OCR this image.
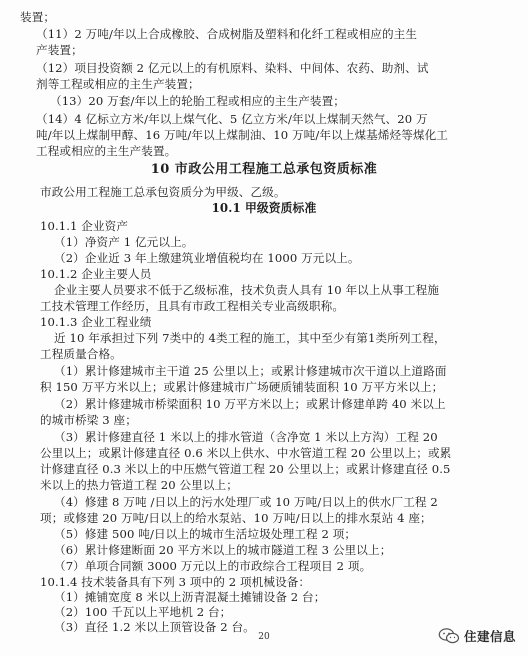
装置；
（11）2 万吨/年以上合成橡胶、合成树脂及塑料和化纤工程或相应的主生
产装置；
（12）项目投资额 2 亿元以上的有机原料、染料、中间体、农药、助剂、试
剂等工程或相应的主生产装置；
（13）20 万套/年以上的轮胎工程或相应的主生产装置；
（14）4 亿标立方米/年以上煤气化、5 亿立方米/年以上煤制天然气、20 万
吨/年以上煤制甲醇、16 万吨/年以上煤制油、10 万吨/年以上煤基烯烃等煤化工
工程或相应的主生产装置。
10 市政公用工程施工总承包资质标准
市政公用工程施工总承包资质分为甲级、乙级。
10.1 甲级资质标准
10.1.1 企业资产
（1）净资产 1 亿元以上。
（2）企业近 3 年上缴建筑业增值税均在 1000 万元以上。
10.1.2 企业主要人员
企业主要人员要求不低于乙级标准，技术负责人具有 10 年以上从事工程施
工技术管理工作经历，且具有市政工程相关专业高级职称。
10.1.3 企业工程业绩
近 10 年承担过下列 7类中的 4类工程的施工，其中至少有第1类所列工程，
工程质量合格。
（1）累计修建城市主干道 25 公里以上；或累计修建城市次干道以上道路面
积 150 万平方米以上；或累计修建城市广场硬质铺装面积 10 万平方米以上；
（2）累计修建城市桥梁面积 10 万平方米以上；或累计修建单跨 40 米以上
的城市桥梁 3 座；
（3）累计修建直径 1 米以上的排水管道（含净宽 1 米以上方沟）工程 20
公里以上；或累计修建直径 0.6 米以上供水、中水管道工程 20 公里以上；或累
计修建直径 0.3 米以上的中压燃气管道工程 20 公里以上；或累计修建直径 0.5
米以上的热力管道工程 20 公里以上；
（4）修建 8 万吨 /日以上的污水处理厂或 10 万吨/日以上的供水厂工程 2
项；或修建 20 万吨/日以上的给水泵站、10 万吨/日以上的排水泵站 4 座；
（5）修建 500 吨/日以上的城市生活垃圾处理工程 2 项；
（6）累计修建断面 20 平方米以上的城市隧道工程 3 公里以上；
（7）单项合同额 3000 万元以上的市政综合工程项目 2 项。
10.1.4 技术装备具有下列 3 项中的 2 项机械设备：
（1）摊铺宽度 8 米以上沥青混凝土摊铺设备 2 台；
（2）100 千瓦以上平地机 2 台；
（3）直径 1.2 米以上顶管设备 2 台。
20	住建信息
